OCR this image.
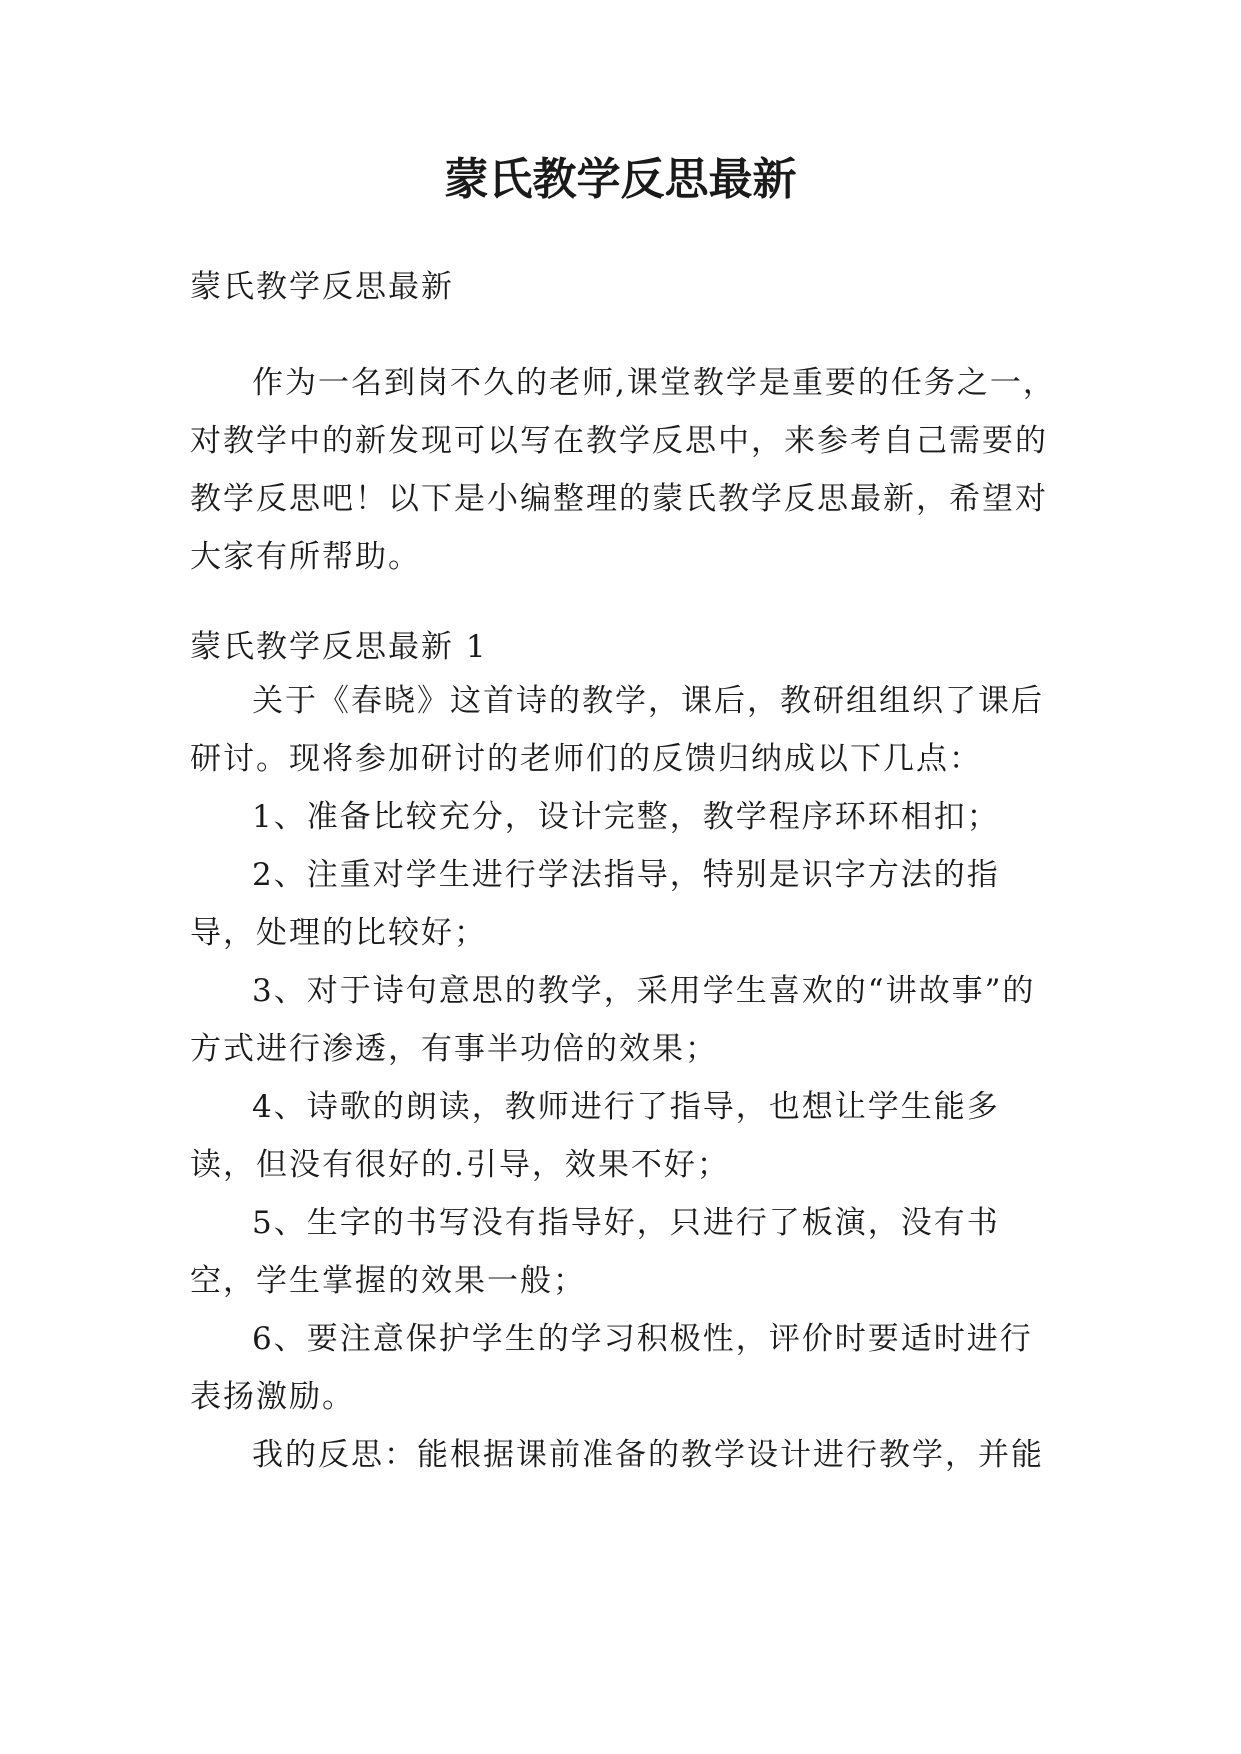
蒙氏教学反思最新

蒙氏教学反思最新

作为一名到岗不久的老师,课堂教学是重要的任务之一，对教学中的新发现可以写在教学反思中，来参考自己需要的教学反思吧！以下是小编整理的蒙氏教学反思最新，希望对大家有所帮助。

蒙氏教学反思最新 1

关于《春晓》这首诗的教学，课后，教研组组织了课后研讨。现将参加研讨的老师们的反馈归纳成以下几点：

1、准备比较充分，设计完整，教学程序环环相扣；

2、注重对学生进行学法指导，特别是识字方法的指导，处理的比较好；

3、对于诗句意思的教学，采用学生喜欢的“讲故事”的方式进行渗透，有事半功倍的效果；

4、诗歌的朗读，教师进行了指导，也想让学生能多读，但没有很好的.引导，效果不好；

5、生字的书写没有指导好，只进行了板演，没有书空，学生掌握的效果一般；

6、要注意保护学生的学习积极性，评价时要适时进行表扬激励。

我的反思：能根据课前准备的教学设计进行教学，并能
